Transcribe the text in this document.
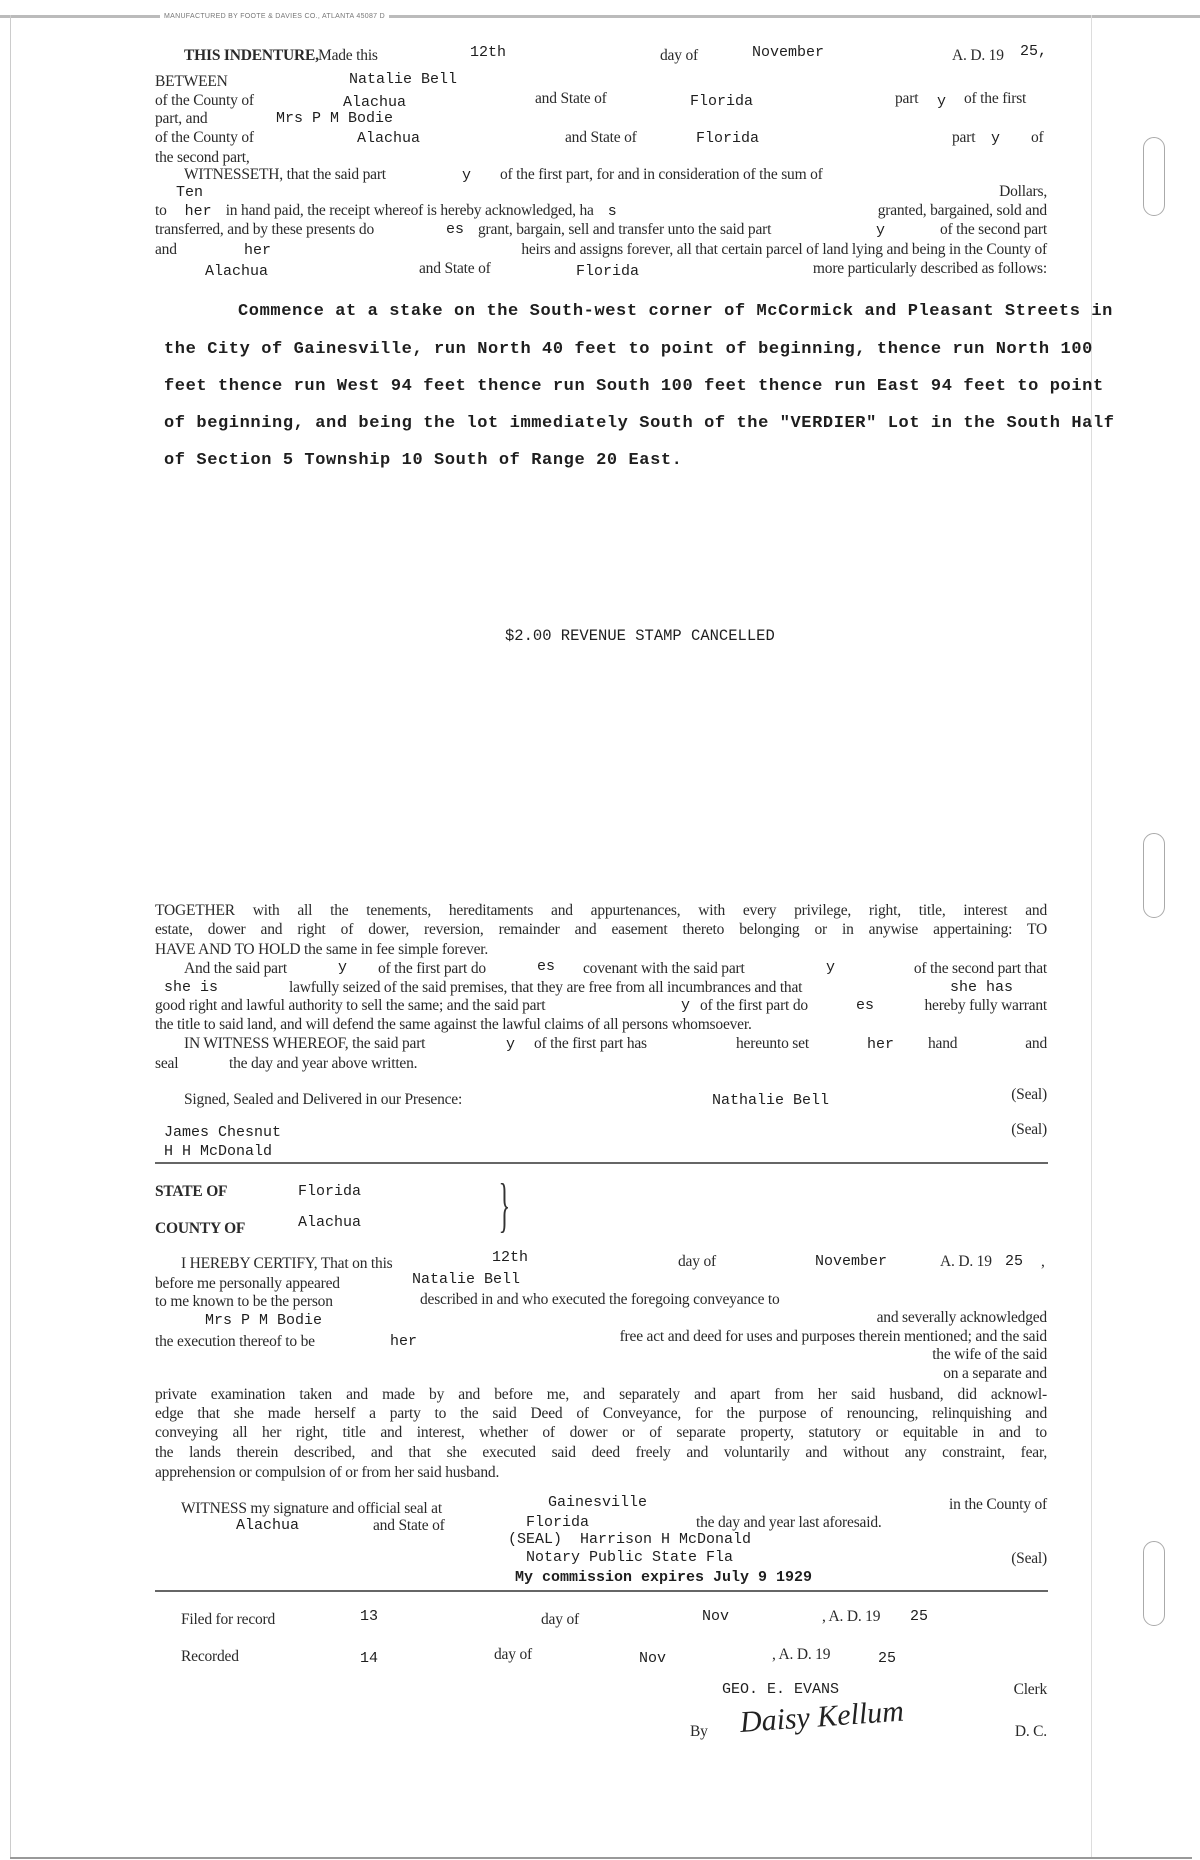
MANUFACTURED BY FOOTE & DAVIES CO., ATLANTA 45087 D
THIS INDENTURE, Made this	12th	day of	November	A. D. 19 25,
BETWEEN	Natalie Bell
of the County of	Alachua	and State of	Florida	part y of the first
part, and	Mrs P M Bodie
of the County of	Alachua	and State of	Florida	part y of
the second part,
WITNESSETH, that the said part	y of the first part, for and in consideration of the sum of
Ten	Dollars,
to her in hand paid, the receipt whereof is hereby acknowledged, ha s	granted, bargained, sold and
transferred, and by these presents do	es grant, bargain, sell and transfer unto the said part	y	of the second part
and	her	heirs and assigns forever, all that certain parcel of land lying and being in the County of
Alachua	and State of	Florida	more particularly described as follows:
Commence at a stake on the South-west corner of McCormick and Pleasant Streets in
the City of Gainesville, run North 40 feet to point of beginning, thence run North 100
feet thence run West 94 feet thence run South 100 feet thence run East 94 feet to point
of beginning, and being the lot immediately South of the "VERDIER" Lot in the South Half
of Section 5 Township 10 South of Range 20 East.
$2.00 REVENUE STAMP CANCELLED
TOGETHER with all the tenements, hereditaments and appurtenances, with every privilege, right, title, interest and
estate, dower and right of dower, reversion, remainder and easement thereto belonging or in anywise appertaining: TO
HAVE AND TO HOLD the same in fee simple forever.
And the said part	y of the first part do	es covenant with the said part	y	of the second part that
she is	lawfully seized of the said premises, that they are free from all incumbrances and that	she has
good right and lawful authority to sell the same; and the said part	y of the first part do	es	hereby fully warrant
the title to said land, and will defend the same against the lawful claims of all persons whomsoever.
IN WITNESS WHEREOF, the said part	y of the first part has	hereunto set	her hand	and
seal	the day and year above written.
Signed, Sealed and Delivered in our Presence:	Nathalie Bell	(Seal)
James Chesnut	(Seal)
H H McDonald
STATE OF	Florida
COUNTY OF	Alachua }
I HEREBY CERTIFY, That on this	12th	day of	November	A. D. 19 25 ,
before me personally appeared	Natalie Bell
to me known to be the person	described in and who executed the foregoing conveyance to
Mrs P M Bodie	and severally acknowledged
the execution thereof to be	her	free act and deed for uses and purposes therein mentioned; and the said
the wife of the said
on a separate and
private examination taken and made by and before me, and separately and apart from her said husband, did acknowl-
edge that she made herself a party to the said Deed of Conveyance, for the purpose of renouncing, relinquishing and
conveying all her right, title and interest, whether of dower or of separate property, statutory or equitable in and to
the lands therein described, and that she executed said deed freely and voluntarily and without any constraint, fear,
apprehension or compulsion of or from her said husband.
WITNESS my signature and official seal at	Gainesville	in the County of
Alachua	and State of	Florida	the day and year last aforesaid.
(SEAL)  Harrison H McDonald
Notary Public State Fla	(Seal)
My commission expires July 9 1929
Filed for record	13	day of	Nov	, A. D. 19 25
Recorded	14	day of	Nov	, A. D. 19	25
GEO. E. EVANS	Clerk
By Daisy Kellum	D. C.
